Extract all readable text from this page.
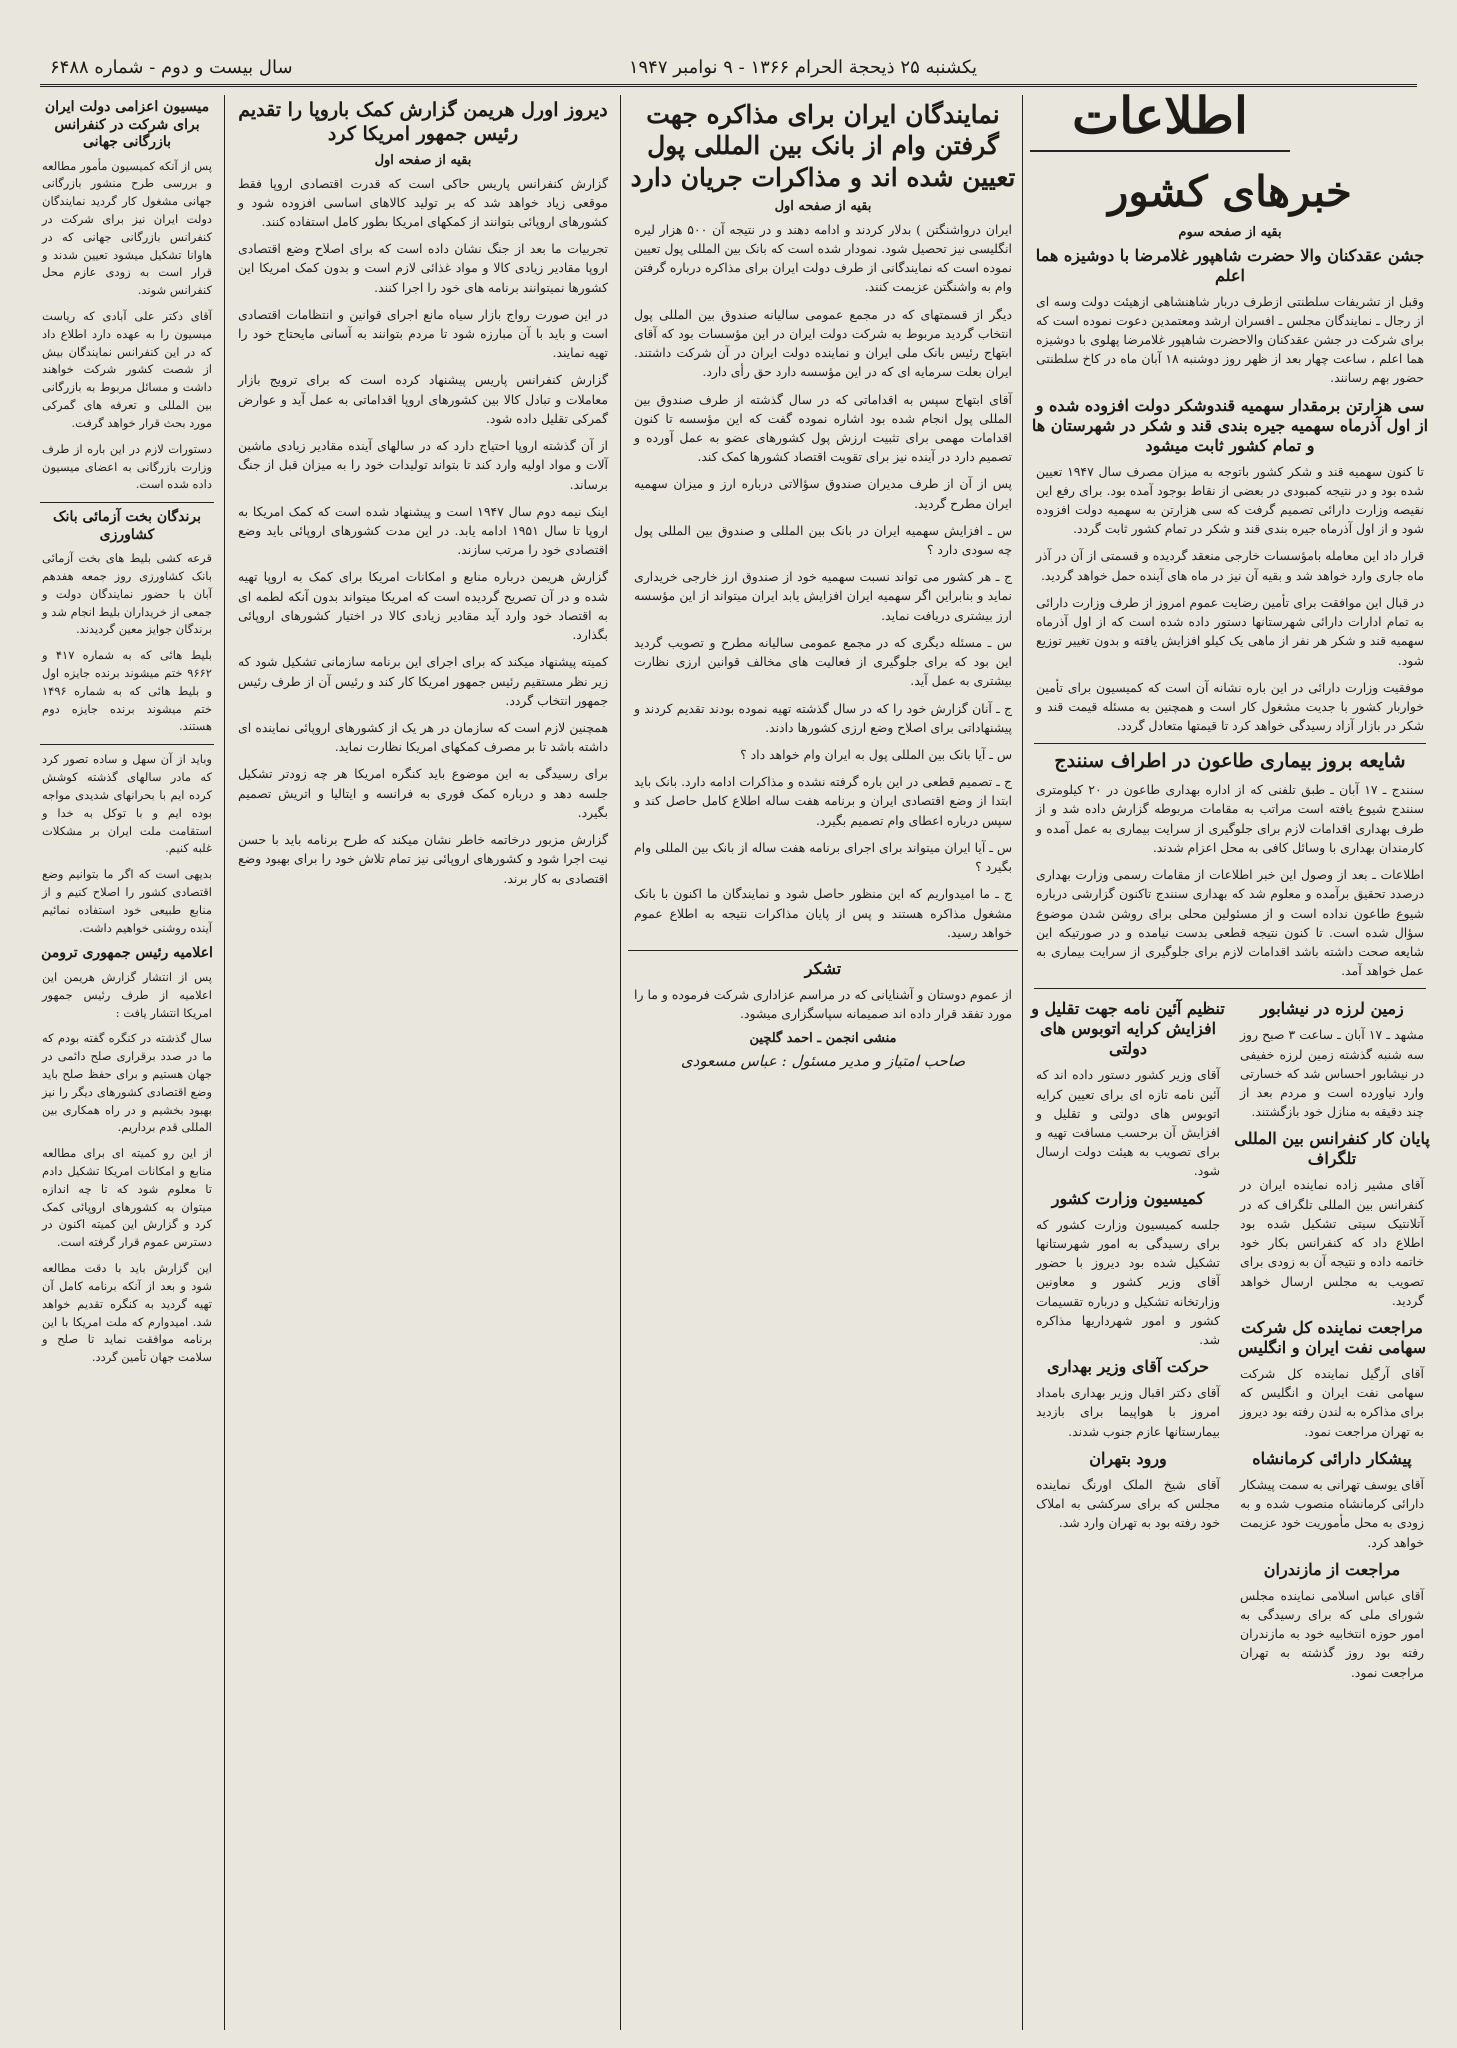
یکشنبه ۲۵ ذیحجة الحرام ۱۳۶۶ - ۹ نوامبر ۱۹۴۷
سال بیست و دوم - شماره ۶۴۸۸
اطلاعات
خبرهای کشور
بقیه از صفحه سوم
جشن عقدکنان والا حضرت شاهپور غلامرضا با دوشیزه هما اعلم

وقبل از تشریفات سلطنتی ازطرف دربار شاهنشاهی ازهیئت دولت وسه ای از رجال ـ نمایندگان مجلس ـ افسران ارشد ومعتمدین دعوت نموده است که برای شرکت در جشن عقدکنان والاحضرت شاهپور غلامرضا پهلوی با دوشیزه هما اعلم ، ساعت چهار بعد از ظهر روز دوشنبه ۱۸ آبان ماه در کاخ سلطنتی حضور بهم رسانند.

سی هزارتن برمقدار سهمیه قندوشکر دولت افزوده شده و از اول آذرماه سهمیه جیره بندی قند و شکر در شهرستان ها و تمام کشور ثابت میشود

تا کنون سهمیه قند و شکر کشور باتوجه به میزان مصرف سال ۱۹۴۷ تعیین شده بود و در نتیجه کمبودی در بعضی از نقاط بوجود آمده بود. برای رفع این نقیصه وزارت دارائی تصمیم گرفت که سی هزارتن به سهمیه دولت افزوده شود و از اول آذرماه جیره بندی قند و شکر در تمام کشور ثابت گردد.

قرار داد این معامله بامؤسسات خارجی منعقد گردیده و قسمتی از آن در آذر ماه جاری وارد خواهد شد و بقیه آن نیز در ماه های آینده حمل خواهد گردید.

در قبال این موافقت برای تأمین رضایت عموم امروز از طرف وزارت دارائی به تمام ادارات دارائی شهرستانها دستور داده شده است که از اول آذرماه سهمیه قند و شکر هر نفر از ماهی یک کیلو افزایش یافته و بدون تغییر توزیع شود.

موفقیت وزارت دارائی در این باره نشانه آن است که کمیسیون برای تأمین خواربار کشور با جدیت مشغول کار است و همچنین به مسئله قیمت قند و شکر در بازار آزاد رسیدگی خواهد کرد تا قیمتها متعادل گردد.

شایعه بروز بیماری طاعون در اطراف سنندج

سنندج ـ ۱۷ آبان ـ طبق تلفنی که از اداره بهداری طاعون در ۲۰ کیلومتری سنندج شیوع یافته است مراتب به مقامات مربوطه گزارش داده شد و از طرف بهداری اقدامات لازم برای جلوگیری از سرایت بیماری به عمل آمده و کارمندان بهداری با وسائل کافی به محل اعزام شدند.

اطلاعات ـ بعد از وصول این خبر اطلاعات از مقامات رسمی وزارت بهداری درصدد تحقیق برآمده و معلوم شد که بهداری سنندج تاکنون گزارشی درباره شیوع طاعون نداده است و از مسئولین محلی برای روشن شدن موضوع سؤال شده است. تا کنون نتیجه قطعی بدست نیامده و در صورتیکه این شایعه صحت داشته باشد اقدامات لازم برای جلوگیری از سرایت بیماری به عمل خواهد آمد.

تنظیم آئین نامه جهت تقلیل و افزایش کرایه اتوبوس های دولتی

آقای وزیر کشور دستور داده اند که آئین نامه تازه ای برای تعیین کرایه اتوبوس های دولتی و تقلیل و افزایش آن برحسب مسافت تهیه و برای تصویب به هیئت دولت ارسال شود.

کمیسیون وزارت کشور

جلسه کمیسیون وزارت کشور که برای رسیدگی به امور شهرستانها تشکیل شده بود دیروز با حضور آقای وزیر کشور و معاونین وزارتخانه تشکیل و درباره تقسیمات کشور و امور شهرداریها مذاکره شد.

حرکت آقای وزیر بهداری

آقای دکتر اقبال وزیر بهداری بامداد امروز با هواپیما برای بازدید بیمارستانها عازم جنوب شدند.

ورود بتهران

آقای شیخ الملک اورنگ نماینده مجلس که برای سرکشی به املاک خود رفته بود به تهران وارد شد.

زمین لرزه در نیشابور

مشهد ـ ۱۷ آبان ـ ساعت ۳ صبح روز سه شنبه گذشته زمین لرزه خفیفی در نیشابور احساس شد که خسارتی وارد نیاورده است و مردم بعد از چند دقیقه به منازل خود بازگشتند.

پایان کار کنفرانس بین المللی تلگراف

آقای مشیر زاده نماینده ایران در کنفرانس بین المللی تلگراف که در آتلانتیک سیتی تشکیل شده بود اطلاع داد که کنفرانس بکار خود خاتمه داده و نتیجه آن به زودی برای تصویب به مجلس ارسال خواهد گردید.

مراجعت نماینده کل شرکت سهامی نفت ایران و انگلیس

آقای آرگیل نماینده کل شرکت سهامی نفت ایران و انگلیس که برای مذاکره به لندن رفته بود دیروز به تهران مراجعت نمود.

پیشکار دارائی کرمانشاه

آقای یوسف تهرانی به سمت پیشکار دارائی کرمانشاه منصوب شده و به زودی به محل مأموریت خود عزیمت خواهد کرد.

مراجعت از مازندران

آقای عباس اسلامی نماینده مجلس شورای ملی که برای رسیدگی به امور حوزه انتخابیه خود به مازندران رفته بود روز گذشته به تهران مراجعت نمود.

نمایندگان ایران برای مذاکره جهت گرفتن وام از بانک بین المللی پول تعیین شده اند و مذاکرات جریان دارد
بقیه از صفحه اول

ایران درواشنگتن ) بدلار کردند و ادامه دهند و در نتیجه آن ۵۰۰ هزار لیره انگلیسی نیز تحصیل شود. نمودار شده است که بانک بین المللی پول تعیین نموده است که نمایندگانی از طرف دولت ایران برای مذاکره درباره گرفتن وام به واشنگتن عزیمت کنند.

دیگر از قسمتهای که در مجمع عمومی سالیانه صندوق بین المللی پول انتخاب گردید مربوط به شرکت دولت ایران در این مؤسسات بود که آقای ابتهاج رئیس بانک ملی ایران و نماینده دولت ایران در آن شرکت داشتند. ایران بعلت سرمایه ای که در این مؤسسه دارد حق رأی دارد.

آقای ابتهاج سپس به اقداماتی که در سال گذشته از طرف صندوق بین المللی پول انجام شده بود اشاره نموده گفت که این مؤسسه تا کنون اقدامات مهمی برای تثبیت ارزش پول کشورهای عضو به عمل آورده و تصمیم دارد در آینده نیز برای تقویت اقتصاد کشورها کمک کند.

پس از آن از طرف مدیران صندوق سؤالاتی درباره ارز و میزان سهمیه ایران مطرح گردید.

س ـ افزایش سهمیه ایران در بانک بین المللی و صندوق بین المللی پول چه سودی دارد ؟

ج ـ هر کشور می تواند نسبت سهمیه خود از صندوق ارز خارجی خریداری نماید و بنابراین اگر سهمیه ایران افزایش یابد ایران میتواند از این مؤسسه ارز بیشتری دریافت نماید.

س ـ مسئله دیگری که در مجمع عمومی سالیانه مطرح و تصویب گردید این بود که برای جلوگیری از فعالیت های مخالف قوانین ارزی نظارت بیشتری به عمل آید.

ج ـ آنان گزارش خود را که در سال گذشته تهیه نموده بودند تقدیم کردند و پیشنهاداتی برای اصلاح وضع ارزی کشورها دادند.

س ـ آیا بانک بین المللی پول به ایران وام خواهد داد ؟

ج ـ تصمیم قطعی در این باره گرفته نشده و مذاکرات ادامه دارد. بانک باید ابتدا از وضع اقتصادی ایران و برنامه هفت ساله اطلاع کامل حاصل کند و سپس درباره اعطای وام تصمیم بگیرد.

س ـ آیا ایران میتواند برای اجرای برنامه هفت ساله از بانک بین المللی وام بگیرد ؟

ج ـ ما امیدواریم که این منظور حاصل شود و نمایندگان ما اکنون با بانک مشغول مذاکره هستند و پس از پایان مذاکرات نتیجه به اطلاع عموم خواهد رسید.

تشکر

از عموم دوستان و آشنایانی که در مراسم عزاداری شرکت فرموده و ما را مورد تفقد قرار داده اند صمیمانه سپاسگزاری میشود.

منشی انجمن ـ احمد گلچین
صاحب امتیاز و مدیر مسئول : عباس مسعودی
دیروز اورل هریمن گزارش کمک باروپا را تقدیم رئیس جمهور امریکا کرد
بقیه از صفحه اول

گزارش کنفرانس پاریس حاکی است که قدرت اقتصادی اروپا فقط موقعی زیاد خواهد شد که بر تولید کالاهای اساسی افزوده شود و کشورهای اروپائی بتوانند از کمکهای امریکا بطور کامل استفاده کنند.

تجربیات ما بعد از جنگ نشان داده است که برای اصلاح وضع اقتصادی اروپا مقادیر زیادی کالا و مواد غذائی لازم است و بدون کمک امریکا این کشورها نمیتوانند برنامه های خود را اجرا کنند.

در این صورت رواج بازار سیاه مانع اجرای قوانین و انتظامات اقتصادی است و باید با آن مبارزه شود تا مردم بتوانند به آسانی مایحتاج خود را تهیه نمایند.

گزارش کنفرانس پاریس پیشنهاد کرده است که برای ترویج بازار معاملات و تبادل کالا بین کشورهای اروپا اقداماتی به عمل آید و عوارض گمرکی تقلیل داده شود.

از آن گذشته اروپا احتیاج دارد که در سالهای آینده مقادیر زیادی ماشین آلات و مواد اولیه وارد کند تا بتواند تولیدات خود را به میزان قبل از جنگ برساند.

اینک نیمه دوم سال ۱۹۴۷ است و پیشنهاد شده است که کمک امریکا به اروپا تا سال ۱۹۵۱ ادامه یابد. در این مدت کشورهای اروپائی باید وضع اقتصادی خود را مرتب سازند.

گزارش هریمن درباره منابع و امکانات امریکا برای کمک به اروپا تهیه شده و در آن تصریح گردیده است که امریکا میتواند بدون آنکه لطمه ای به اقتصاد خود وارد آید مقادیر زیادی کالا در اختیار کشورهای اروپائی بگذارد.

کمیته پیشنهاد میکند که برای اجرای این برنامه سازمانی تشکیل شود که زیر نظر مستقیم رئیس جمهور امریکا کار کند و رئیس آن از طرف رئیس جمهور انتخاب گردد.

همچنین لازم است که سازمان در هر یک از کشورهای اروپائی نماینده ای داشته باشد تا بر مصرف کمکهای امریکا نظارت نماید.

برای رسیدگی به این موضوع باید کنگره امریکا هر چه زودتر تشکیل جلسه دهد و درباره کمک فوری به فرانسه و ایتالیا و اتریش تصمیم بگیرد.

گزارش مزبور درخاتمه خاطر نشان میکند که طرح برنامه باید با حسن نیت اجرا شود و کشورهای اروپائی نیز تمام تلاش خود را برای بهبود وضع اقتصادی به کار برند.

میسیون اعزامی دولت ایران برای شرکت در کنفرانس بازرگانی جهانی

پس از آنکه کمیسیون مأمور مطالعه و بررسی طرح منشور بازرگانی جهانی مشغول کار گردید نمایندگان دولت ایران نیز برای شرکت در کنفرانس بازرگانی جهانی که در هاوانا تشکیل میشود تعیین شدند و قرار است به زودی عازم محل کنفرانس شوند.

آقای دکتر علی آبادی که ریاست میسیون را به عهده دارد اطلاع داد که در این کنفرانس نمایندگان بیش از شصت کشور شرکت خواهند داشت و مسائل مربوط به بازرگانی بین المللی و تعرفه های گمرکی مورد بحث قرار خواهد گرفت.

دستورات لازم در این باره از طرف وزارت بازرگانی به اعضای میسیون داده شده است.

برندگان بخت آزمائی بانک کشاورزی

قرعه کشی بلیط های بخت آزمائی بانک کشاورزی روز جمعه هفدهم آبان با حضور نمایندگان دولت و جمعی از خریداران بلیط انجام شد و برندگان جوایز معین گردیدند.

بلیط هائی که به شماره ۴۱۷ و ۹۶۶۲ ختم میشوند برنده جایزه اول و بلیط هائی که به شماره ۱۴۹۶ ختم میشوند برنده جایزه دوم هستند.

وباید از آن سهل و ساده تصور کرد که مادر سالهای گذشته کوشش کرده ایم با بحرانهای شدیدی مواجه بوده ایم و با توکل به خدا و استقامت ملت ایران بر مشکلات غلبه کنیم.

بدیهی است که اگر ما بتوانیم وضع اقتصادی کشور را اصلاح کنیم و از منابع طبیعی خود استفاده نمائیم آینده روشنی خواهیم داشت.

اعلامیه رئیس جمهوری ترومن

پس از انتشار گزارش هریمن این اعلامیه از طرف رئیس جمهور امریکا انتشار یافت :

سال گذشته در کنگره گفته بودم که ما در صدد برقراری صلح دائمی در جهان هستیم و برای حفظ صلح باید وضع اقتصادی کشورهای دیگر را نیز بهبود بخشیم و در راه همکاری بین المللی قدم برداریم.

از این رو کمیته ای برای مطالعه منابع و امکانات امریکا تشکیل دادم تا معلوم شود که تا چه اندازه میتوان به کشورهای اروپائی کمک کرد و گزارش این کمیته اکنون در دسترس عموم قرار گرفته است.

این گزارش باید با دقت مطالعه شود و بعد از آنکه برنامه کامل آن تهیه گردید به کنگره تقدیم خواهد شد. امیدوارم که ملت امریکا با این برنامه موافقت نماید تا صلح و سلامت جهان تأمین گردد.
